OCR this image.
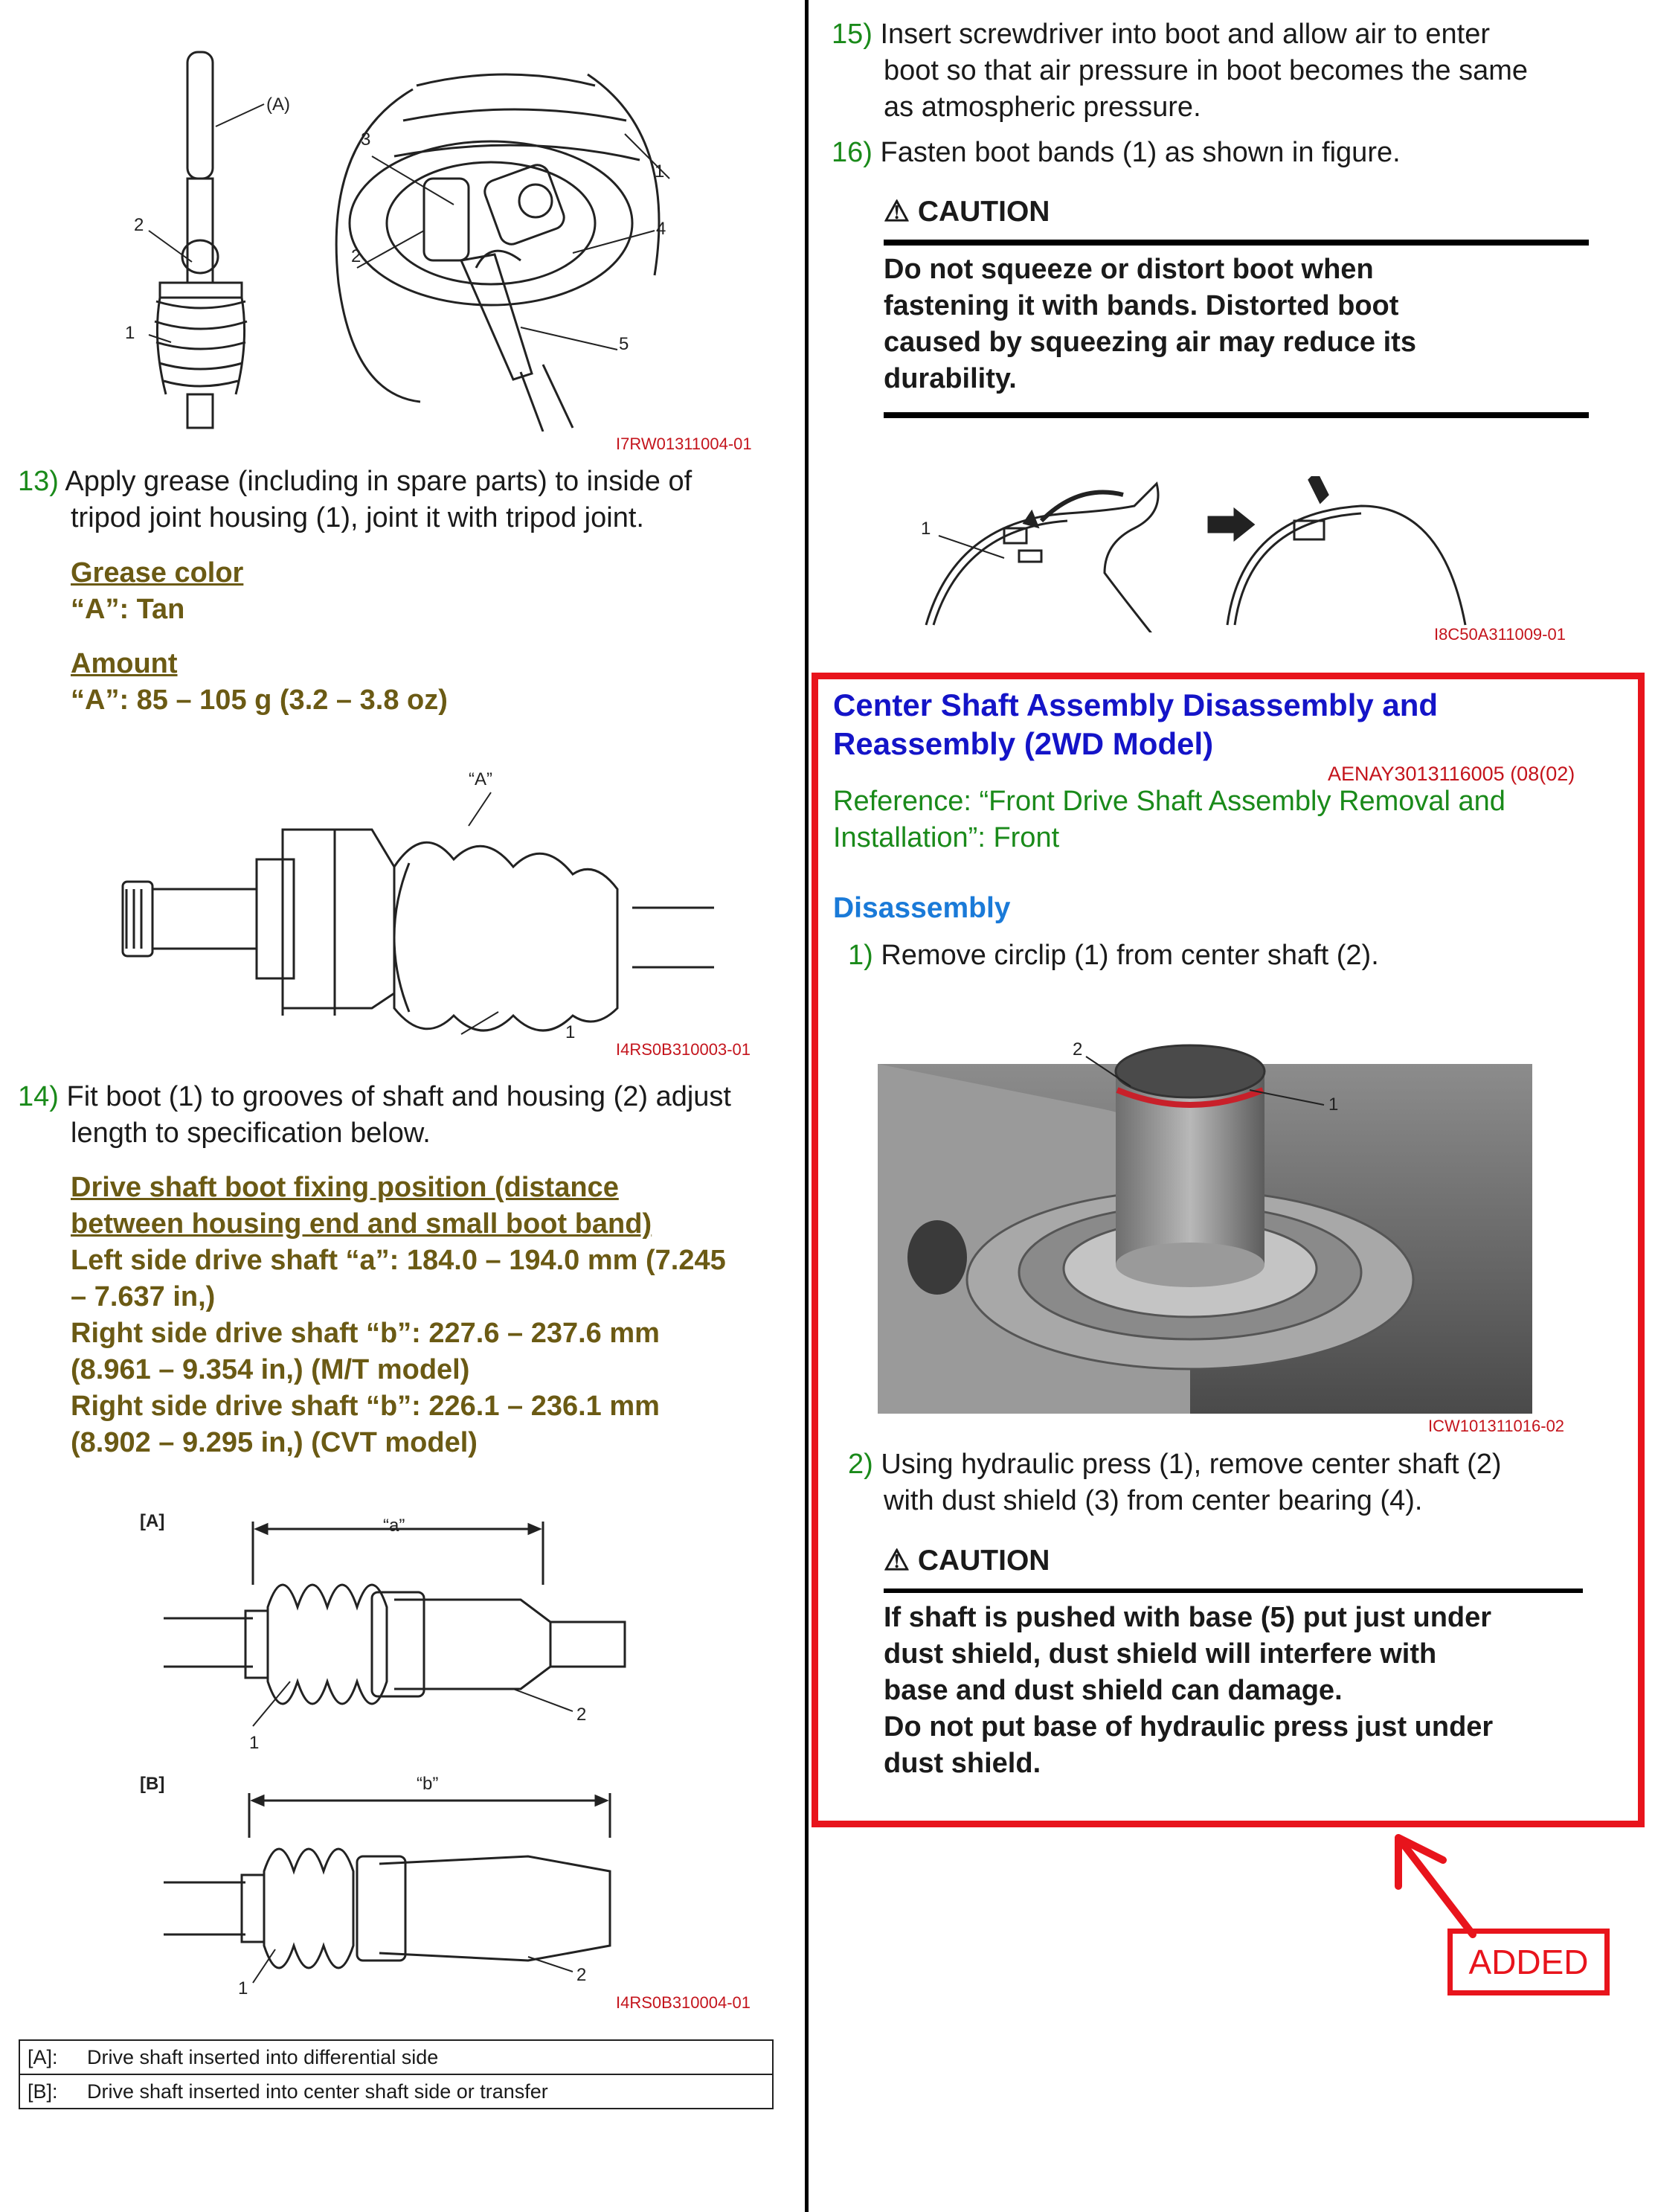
(A)
2
1
3
2
1
4
5
I7RW01311004-01
13) Apply grease (including in spare parts) to inside of
tripod joint housing (1), joint it with tripod joint.
Grease color
“A”: Tan
Amount
“A”: 85 – 105 g (3.2 – 3.8 oz)
“A”
1
I4RS0B310003-01
14) Fit boot (1) to grooves of shaft and housing (2) adjust
length to specification below.
Drive shaft boot fixing position (distance
between housing end and small boot band)
Left side drive shaft “a”: 184.0 – 194.0 mm (7.245
– 7.637 in,)
Right side drive shaft “b”: 227.6 – 237.6 mm
(8.961 – 9.354 in,) (M/T model)
Right side drive shaft “b”: 226.1 – 236.1 mm
(8.902 – 9.295 in,) (CVT model)
[A]	“a”
2
1
[B]	“b”
1
2
I4RS0B310004-01
[A]:	Drive shaft inserted into differential side
[B]:	Drive shaft inserted into center shaft side or transfer
15) Insert screwdriver into boot and allow air to enter
boot so that air pressure in boot becomes the same
as atmospheric pressure.
16) Fasten boot bands (1) as shown in figure.
⚠ CAUTION
Do not squeeze or distort boot when
fastening it with bands. Distorted boot
caused by squeezing air may reduce its
durability.
1
I8C50A311009-01
Center Shaft Assembly Disassembly and
Reassembly (2WD Model)
AENAY3013116005 (08(02)
Reference: “Front Drive Shaft Assembly Removal and
Installation”: Front
Disassembly
1) Remove circlip (1) from center shaft (2).
2
1
ICW101311016-02
2) Using hydraulic press (1), remove center shaft (2)
with dust shield (3) from center bearing (4).
⚠ CAUTION
If shaft is pushed with base (5) put just under
dust shield, dust shield will interfere with
base and dust shield can damage.
Do not put base of hydraulic press just under
dust shield.
ADDED
